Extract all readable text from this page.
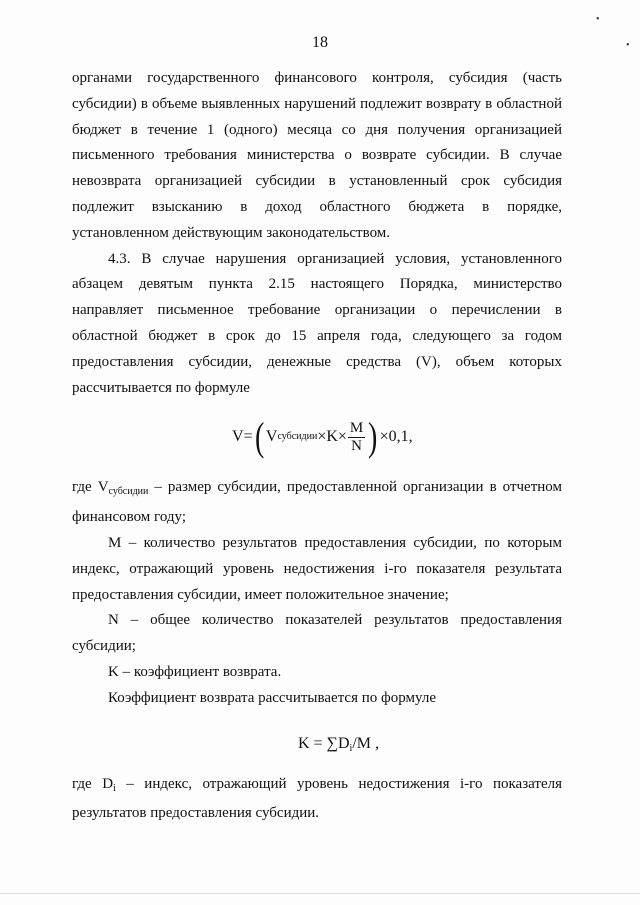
18

органами государственного финансового контроля, субсидия (часть субсидии) в объеме выявленных нарушений подлежит возврату в областной бюджет в течение 1 (одного) месяца со дня получения организацией письменного требования министерства о возврате субсидии. В случае невозврата организацией субсидии в установленный срок субсидия подлежит взысканию в доход областного бюджета в порядке, установленном действующим законодательством.

4.3. В случае нарушения организацией условия, установленного абзацем девятым пункта 2.15 настоящего Порядка, министерство направляет письменное требование организации о перечислении в областной бюджет в срок до 15 апреля года, следующего за годом предоставления субсидии, денежные средства (V), объем которых рассчитывается по формуле

V= ( V субсидии $\times K\times \frac{M}{N}$ ) ×0,1,

где $V_{субсидии}$ – размер субсидии, предоставленной организации в отчетном финансовом году;

M – количество результатов предоставления субсидии, по которым индекс, отражающий уровень недостижения i-го показателя результата предоставления субсидии, имеет положительное значение;

N – общее количество показателей результатов предоставления субсидии;

K – коэффициент возврата.

Коэффициент возврата рассчитывается по формуле

$K = \sum D_i/M$ ,

где $D_i$ – индекс, отражающий уровень недостижения i-го показателя результатов предоставления субсидии.

•
•
